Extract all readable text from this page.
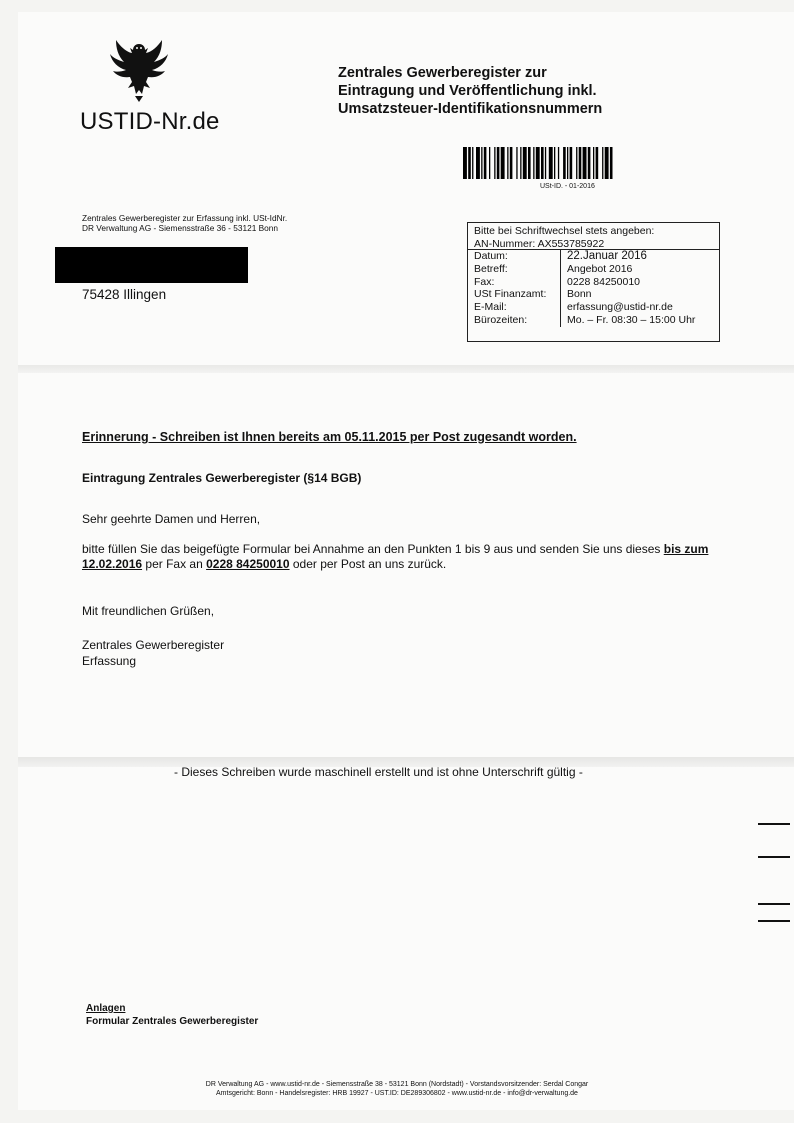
USTID-Nr.de
Zentrales Gewerberegister zur
Eintragung und Veröffentlichung inkl.
Umsatzsteuer-Identifikationsnummern
USt-ID. - 01-2016
Zentrales Gewerberegister zur Erfassung inkl. USt-IdNr.
DR Verwaltung AG - Siemensstraße 36 - 53121 Bonn
75428 Illingen
Bitte bei Schriftwechsel stets angeben:
AN-Nummer: AX553785922
Datum:	22.Januar 2016
Betreff:	Angebot 2016
Fax:	0228 84250010
USt Finanzamt:	Bonn
E-Mail:	erfassung@ustid-nr.de
Bürozeiten:	Mo. – Fr. 08:30 – 15:00 Uhr
Erinnerung - Schreiben ist Ihnen bereits am 05.11.2015 per Post zugesandt worden.
Eintragung Zentrales Gewerberegister (§14 BGB)
Sehr geehrte Damen und Herren,
bitte füllen Sie das beigefügte Formular bei Annahme an den Punkten 1 bis 9 aus und senden Sie uns dieses bis zum 12.02.2016 per Fax an 0228 84250010 oder per Post an uns zurück.
Mit freundlichen Grüßen,
Zentrales Gewerberegister
Erfassung
- Dieses Schreiben wurde maschinell erstellt und ist ohne Unterschrift gültig -
Anlagen
Formular Zentrales Gewerberegister
DR Verwaltung AG - www.ustid-nr.de - Siemensstraße 38 - 53121 Bonn (Nordstadt) - Vorstandsvorsitzender: Serdal Congar
Amtsgericht: Bonn - Handelsregister: HRB 19927 - UST.ID: DE289306802 - www.ustid-nr.de - info@dr-verwaltung.de
